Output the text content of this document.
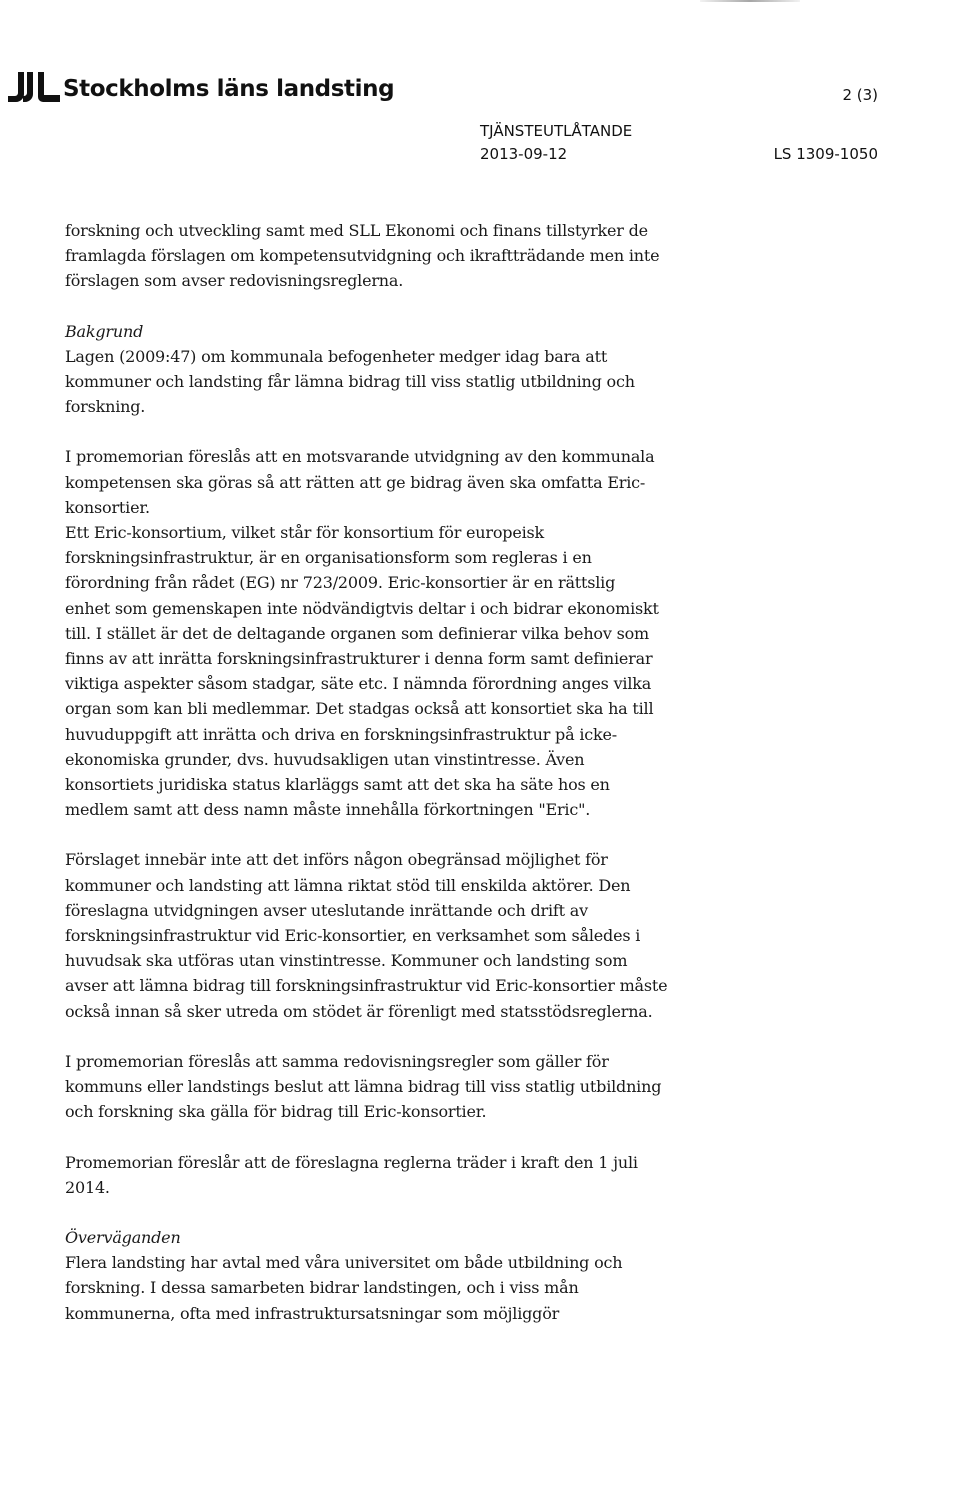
Stockholms läns landsting	2 (3)
TJÄNSTEUTLÅTANDE
2013-09-12	LS 1309-1050

forskning och utveckling samt med SLL Ekonomi och finans tillstyrker de

framlagda förslagen om kompetensutvidgning och ikraftträdande men inte

förslagen som avser redovisningsreglerna.

Bakgrund

Lagen (2009:47) om kommunala befogenheter medger idag bara att

kommuner och landsting får lämna bidrag till viss statlig utbildning och

forskning.

I promemorian föreslås att en motsvarande utvidgning av den kommunala

kompetensen ska göras så att rätten att ge bidrag även ska omfatta Eric-

konsortier.

Ett Eric-konsortium, vilket står för konsortium för europeisk

forskningsinfrastruktur, är en organisationsform som regleras i en

förordning från rådet (EG) nr 723/2009. Eric-konsortier är en rättslig

enhet som gemenskapen inte nödvändigtvis deltar i och bidrar ekonomiskt

till. I stället är det de deltagande organen som definierar vilka behov som

finns av att inrätta forskningsinfrastrukturer i denna form samt definierar

viktiga aspekter såsom stadgar, säte etc. I nämnda förordning anges vilka

organ som kan bli medlemmar. Det stadgas också att konsortiet ska ha till

huvuduppgift att inrätta och driva en forskningsinfrastruktur på icke-

ekonomiska grunder, dvs. huvudsakligen utan vinstintresse. Även

konsortiets juridiska status klarläggs samt att det ska ha säte hos en

medlem samt att dess namn måste innehålla förkortningen "Eric".

Förslaget innebär inte att det införs någon obegränsad möjlighet för

kommuner och landsting att lämna riktat stöd till enskilda aktörer. Den

föreslagna utvidgningen avser uteslutande inrättande och drift av

forskningsinfrastruktur vid Eric-konsortier, en verksamhet som således i

huvudsak ska utföras utan vinstintresse. Kommuner och landsting som

avser att lämna bidrag till forskningsinfrastruktur vid Eric-konsortier måste

också innan så sker utreda om stödet är förenligt med statsstödsreglerna.

I promemorian föreslås att samma redovisningsregler som gäller för

kommuns eller landstings beslut att lämna bidrag till viss statlig utbildning

och forskning ska gälla för bidrag till Eric-konsortier.

Promemorian föreslår att de föreslagna reglerna träder i kraft den 1 juli

2014.

Överväganden

Flera landsting har avtal med våra universitet om både utbildning och

forskning. I dessa samarbeten bidrar landstingen, och i viss mån

kommunerna, ofta med infrastruktursatsningar som möjliggör
